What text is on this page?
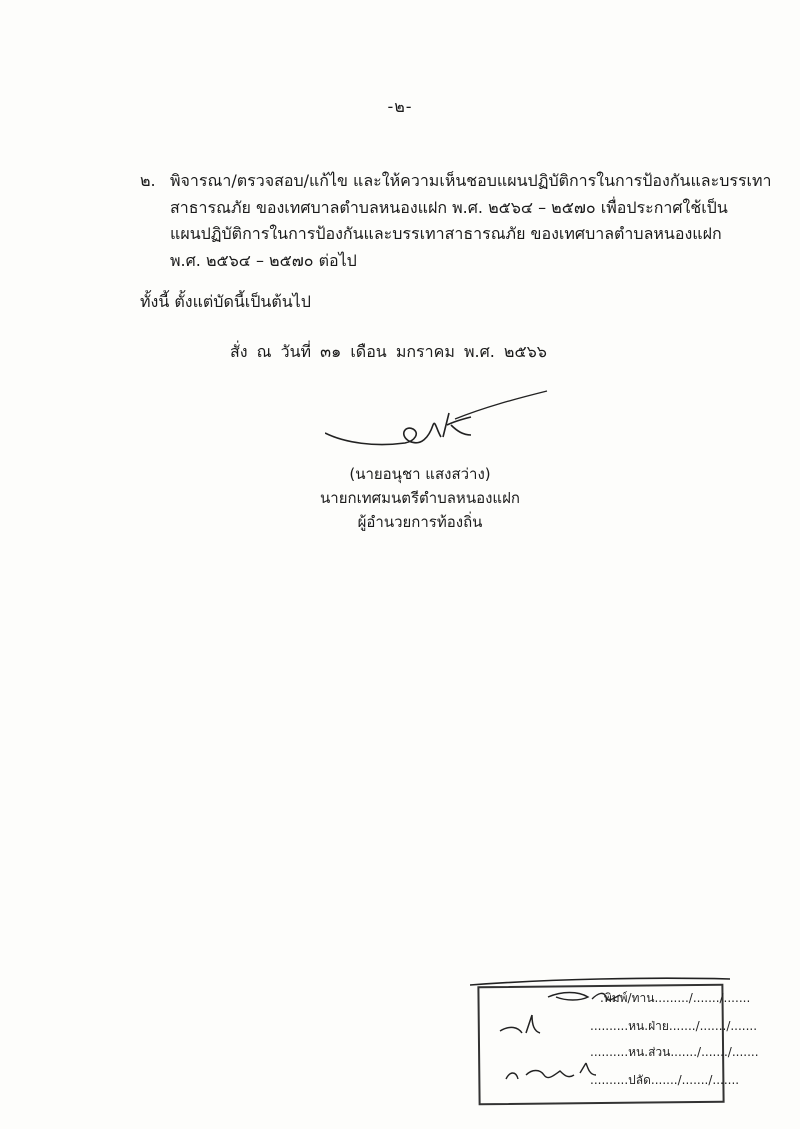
-๒-
๒. พิจารณา/ตรวจสอบ/แก้ไข และให้ความเห็นชอบแผนปฏิบัติการในการป้องกันและบรรเทา
สาธารณภัย ของเทศบาลตำบลหนองแฝก พ.ศ. ๒๕๖๔ – ๒๕๗๐ เพื่อประกาศใช้เป็น
แผนปฏิบัติการในการป้องกันและบรรเทาสาธารณภัย ของเทศบาลตำบลหนองแฝก
พ.ศ. ๒๕๖๔ – ๒๕๗๐ ต่อไป
ทั้งนี้ ตั้งแต่บัดนี้เป็นต้นไป
สั่ง ณ วันที่ ๓๑ เดือน มกราคม พ.ศ. ๒๕๖๖
(นายอนุชา แสงสว่าง)
นายกเทศมนตรีตำบลหนองแฝก
ผู้อำนวยการท้องถิ่น
.พิมพ์/ทาน........./......./.......
..........หน.ฝ่าย......./......./.......
..........หน.ส่วน......./......./.......
..........ปลัด......./......./.......
